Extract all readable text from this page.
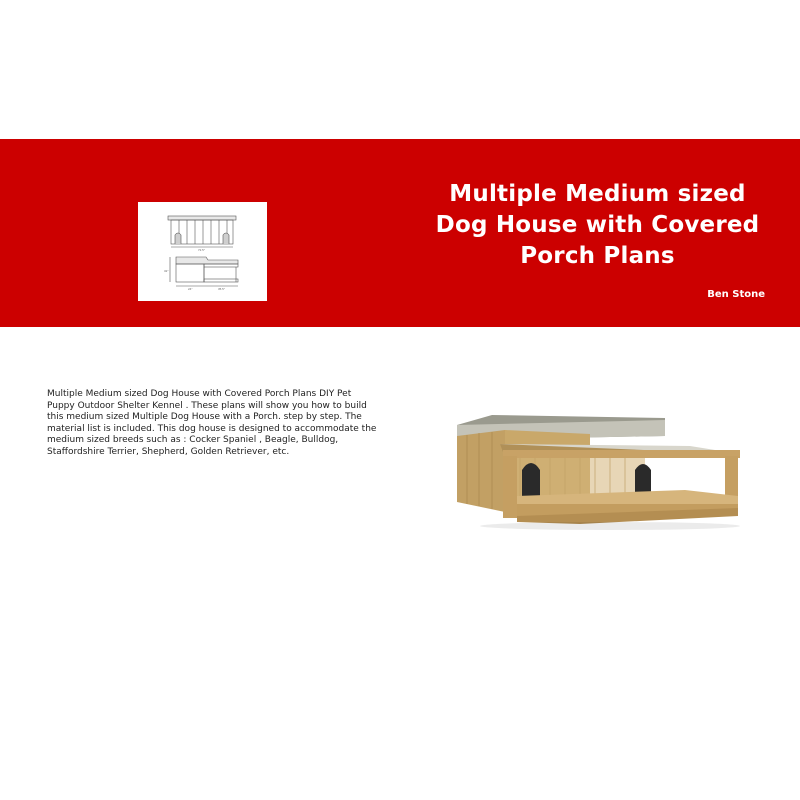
72.5"
32"
24"	35.5"
Multiple Medium sized Dog House with Covered Porch Plans
Ben Stone
Multiple Medium sized Dog House with Covered Porch Plans DIY Pet Puppy Outdoor Shelter Kennel . These plans will show you how to build this medium sized Multiple Dog House with a Porch. step by step. The material list is included. This dog house is designed to accommodate the medium sized breeds such as : Cocker Spaniel , Beagle, Bulldog, Staffordshire Terrier, Shepherd, Golden Retriever, etc.
